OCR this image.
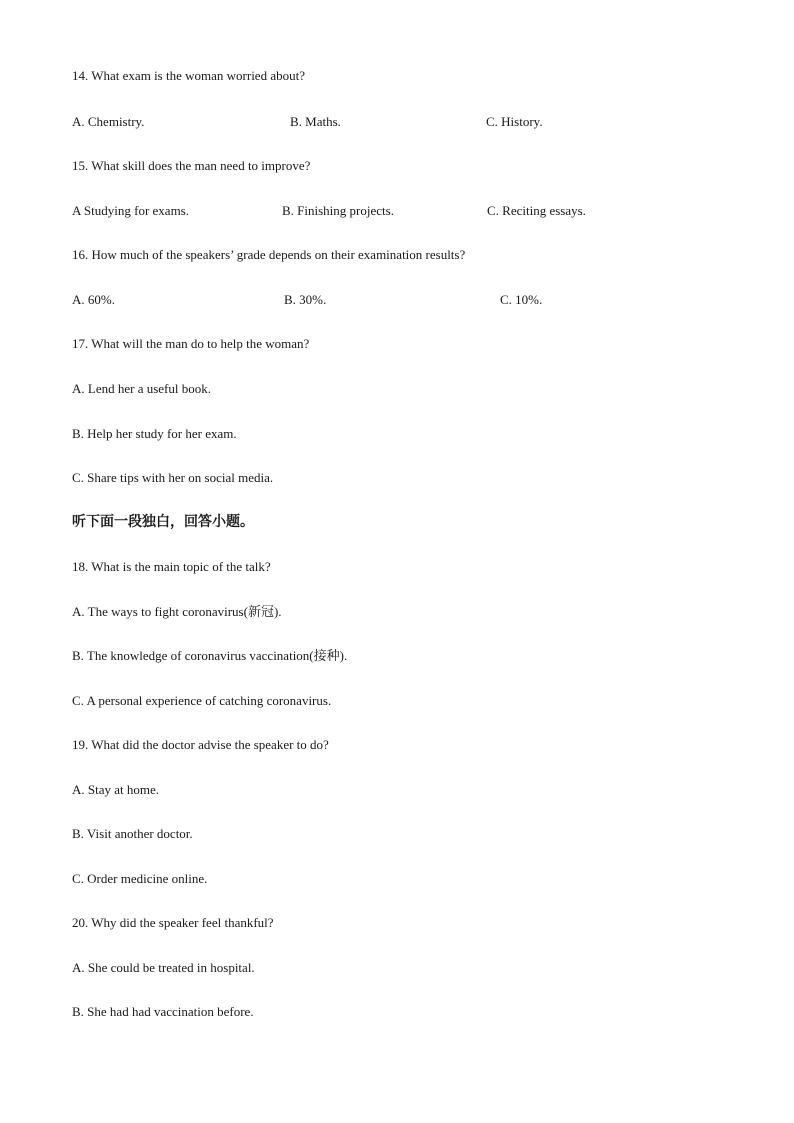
14. What exam is the woman worried about?
A. Chemistry.	B. Maths.	C. History.
15. What skill does the man need to improve?
A Studying for exams.	B. Finishing projects.	C. Reciting essays.
16. How much of the speakers’ grade depends on their examination results?
A. 60%.	B. 30%.	C. 10%.
17. What will the man do to help the woman?
A. Lend her a useful book.
B. Help her study for her exam.
C. Share tips with her on social media.
听下面一段独白，回答小题。
18. What is the main topic of the talk?
A. The ways to fight coronavirus(新冠).
B. The knowledge of coronavirus vaccination(接种).
C. A personal experience of catching coronavirus.
19. What did the doctor advise the speaker to do?
A. Stay at home.
B. Visit another doctor.
C. Order medicine online.
20. Why did the speaker feel thankful?
A. She could be treated in hospital.
B. She had had vaccination before.
